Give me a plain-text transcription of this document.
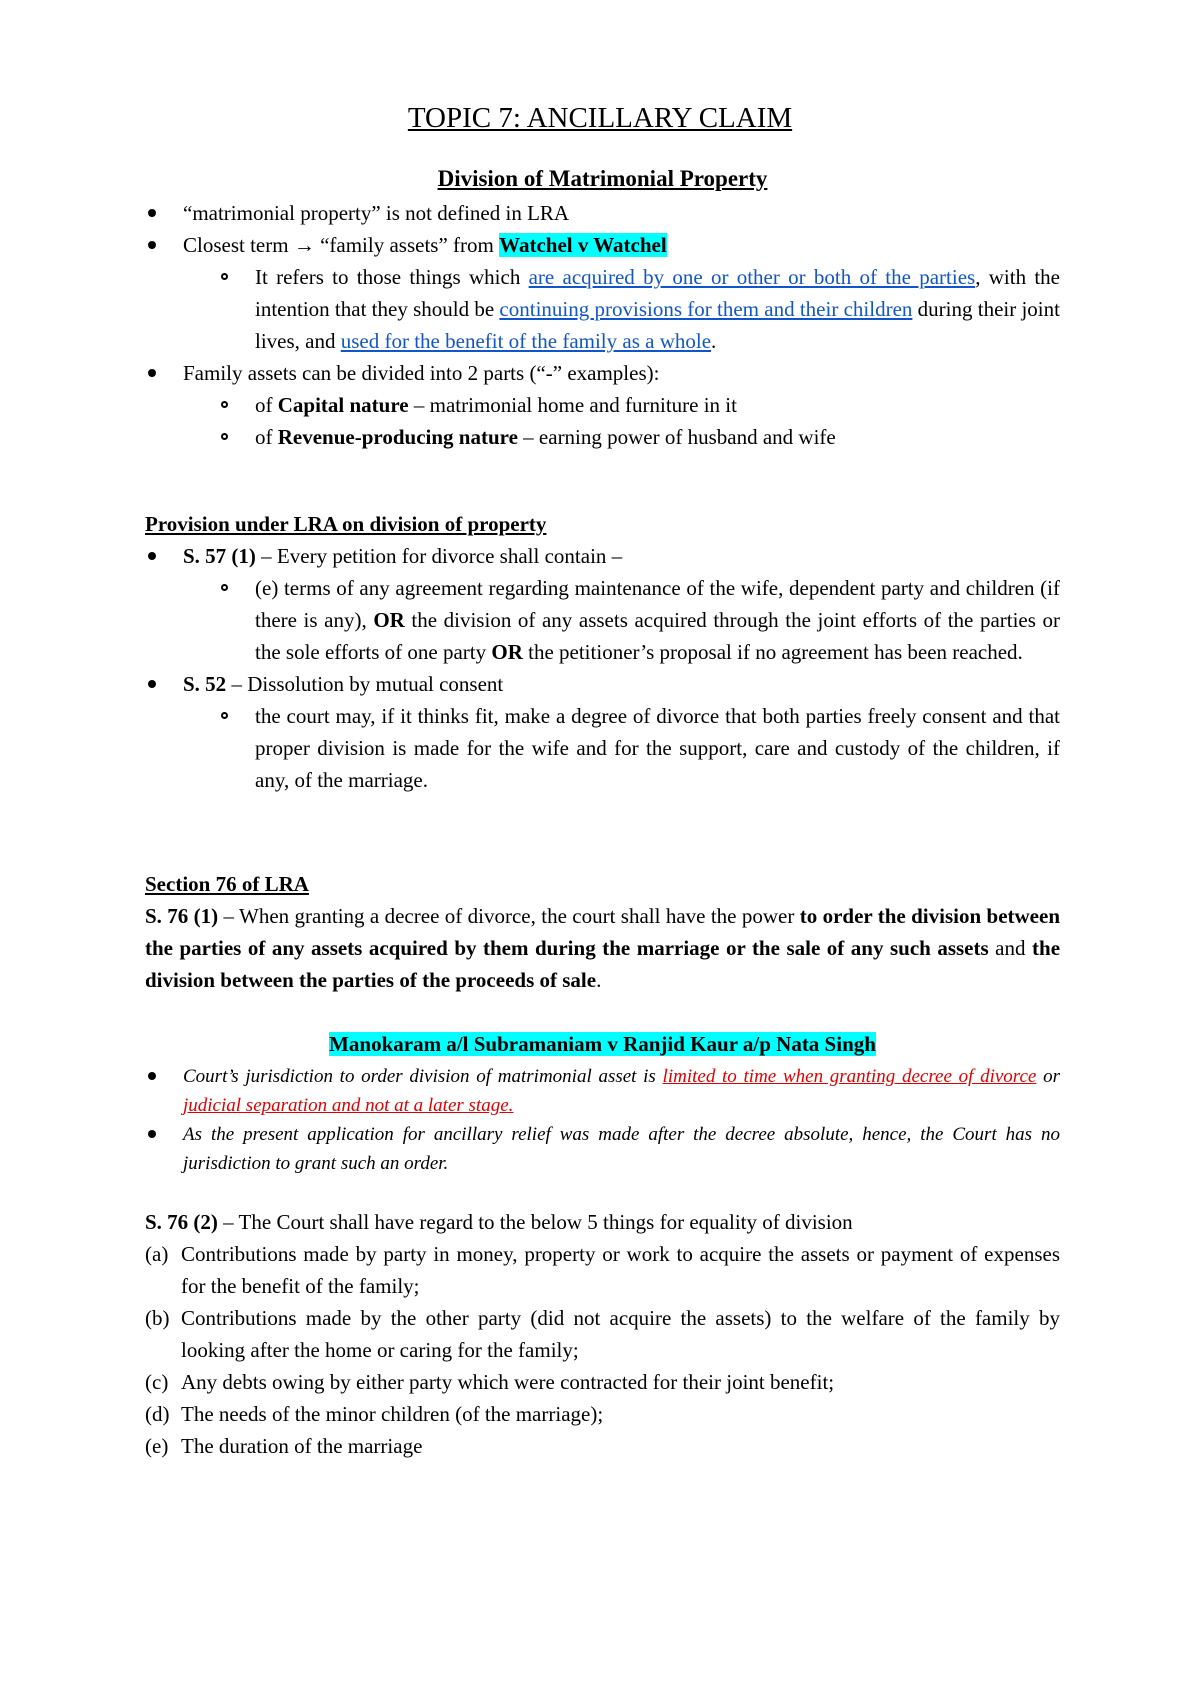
TOPIC 7: ANCILLARY CLAIM
Division of Matrimonial Property
“matrimonial property” is not defined in LRA
Closest term → “family assets” from Watchel v Watchel
It refers to those things which are acquired by one or other or both of the parties, with the intention that they should be continuing provisions for them and their children during their joint lives, and used for the benefit of the family as a whole.
Family assets can be divided into 2 parts (“-” examples):
of Capital nature – matrimonial home and furniture in it
of Revenue-producing nature – earning power of husband and wife
Provision under LRA on division of property
S. 57 (1) – Every petition for divorce shall contain –
(e) terms of any agreement regarding maintenance of the wife, dependent party and children (if there is any), OR the division of any assets acquired through the joint efforts of the parties or the sole efforts of one party OR the petitioner’s proposal if no agreement has been reached.
S. 52 – Dissolution by mutual consent
the court may, if it thinks fit, make a degree of divorce that both parties freely consent and that proper division is made for the wife and for the support, care and custody of the children, if any, of the marriage.
Section 76 of LRA
S. 76 (1) – When granting a decree of divorce, the court shall have the power to order the division between the parties of any assets acquired by them during the marriage or the sale of any such assets and the division between the parties of the proceeds of sale.
Manokaram a/l Subramaniam v Ranjid Kaur a/p Nata Singh
Court’s jurisdiction to order division of matrimonial asset is limited to time when granting decree of divorce or judicial separation and not at a later stage.
As the present application for ancillary relief was made after the decree absolute, hence, the Court has no jurisdiction to grant such an order.
S. 76 (2) – The Court shall have regard to the below 5 things for equality of division
(a) Contributions made by party in money, property or work to acquire the assets or payment of expenses for the benefit of the family;
(b) Contributions made by the other party (did not acquire the assets) to the welfare of the family by looking after the home or caring for the family;
(c) Any debts owing by either party which were contracted for their joint benefit;
(d) The needs of the minor children (of the marriage);
(e) The duration of the marriage
